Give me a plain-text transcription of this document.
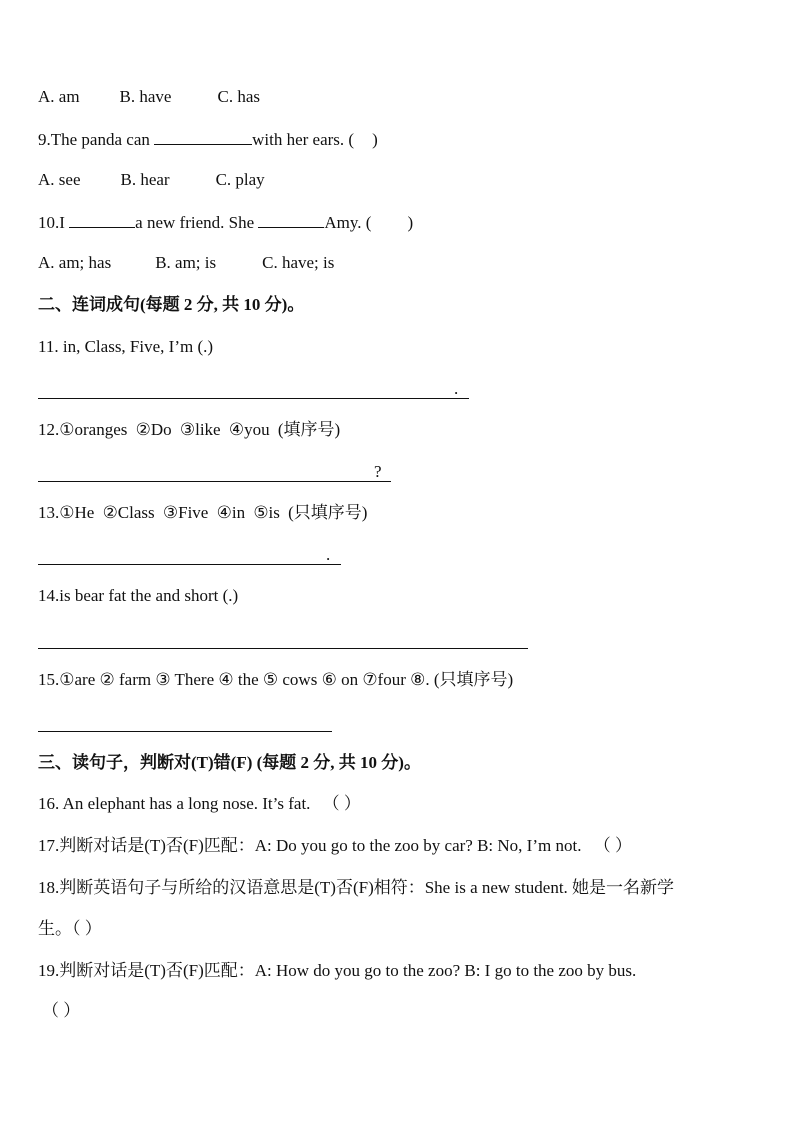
A. am B. have	C. has
9.The panda can	with her ears. ( )
A. see B. hear	C. play
10.I	a new friend. She	Amy. ( )
A. am; has	B. am; is	C. have; is
二、连词成句(每题 2 分, 共 10 分)。
11. in, Class, Five, I’m (.)
.
12.①oranges ②Do ③like ④you (填序号)
?
13.①He ②Class ③Five ④in ⑤is (只填序号)
.
14.is bear fat the and short (.)
15.①are ② farm ③ There ④ the ⑤ cows ⑥ on ⑦four ⑧. (只填序号)
三、读句子，判断对(T)错(F) (每题 2 分, 共 10 分)。
16. An elephant has a long nose. It’s fat. （ ）
17.判断对话是(T)否(F)匹配：A: Do you go to the zoo by car? B: No, I’m not. （ ）
18.判断英语句子与所给的汉语意思是(T)否(F)相符：She is a new student. 她是一名新学
生。（ ）
19.判断对话是(T)否(F)匹配：A: How do you go to the zoo? B: I go to the zoo by bus.
（ ）
